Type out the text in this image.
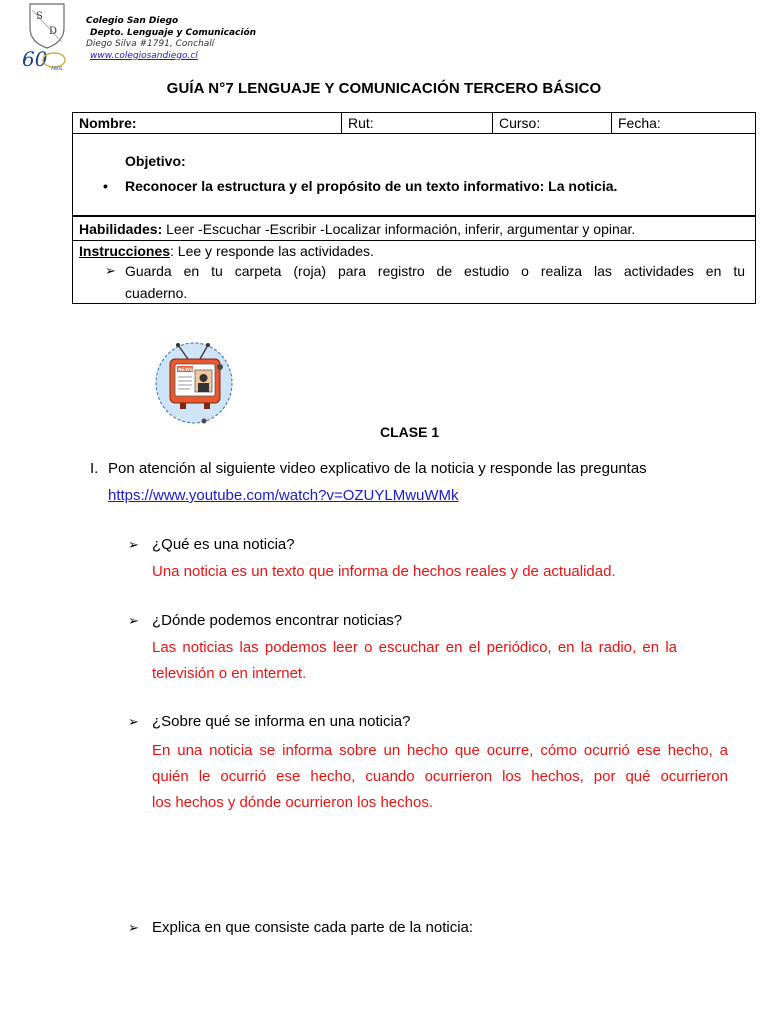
S
D
60 AÑOS
Colegio San Diego
Depto. Lenguaje y Comunicación
Diego Silva #1791, Conchalí
www.colegiosandiego.cl
GUÍA N°7 LENGUAJE Y COMUNICACIÓN TERCERO BÁSICO
Nombre:	Rut:	Curso:	Fecha:
Objetivo:
• Reconocer la estructura y el propósito de un texto informativo: La noticia.
Habilidades: Leer -Escuchar -Escribir -Localizar información, inferir, argumentar y opinar.
Instrucciones: Lee y responde las actividades.
➢ Guarda en tu carpeta (roja) para registro de estudio o realiza las actividades en tu
cuaderno.
NEWS
CLASE 1
I. Pon atención al siguiente video explicativo de la noticia y responde las preguntas
https://www.youtube.com/watch?v=OZUYLMwuWMk
➢ ¿Qué es una noticia?
Una noticia es un texto que informa de hechos reales y de actualidad.
➢ ¿Dónde podemos encontrar noticias?
Las noticias las podemos leer o escuchar en el periódico, en la radio, en la
televisión o en internet.
➢ ¿Sobre qué se informa en una noticia?
En una noticia se informa sobre un hecho que ocurre, cómo ocurrió ese hecho, a
quién le ocurrió ese hecho, cuando ocurrieron los hechos, por qué ocurrieron
los hechos y dónde ocurrieron los hechos.
➢ Explica en que consiste cada parte de la noticia:
